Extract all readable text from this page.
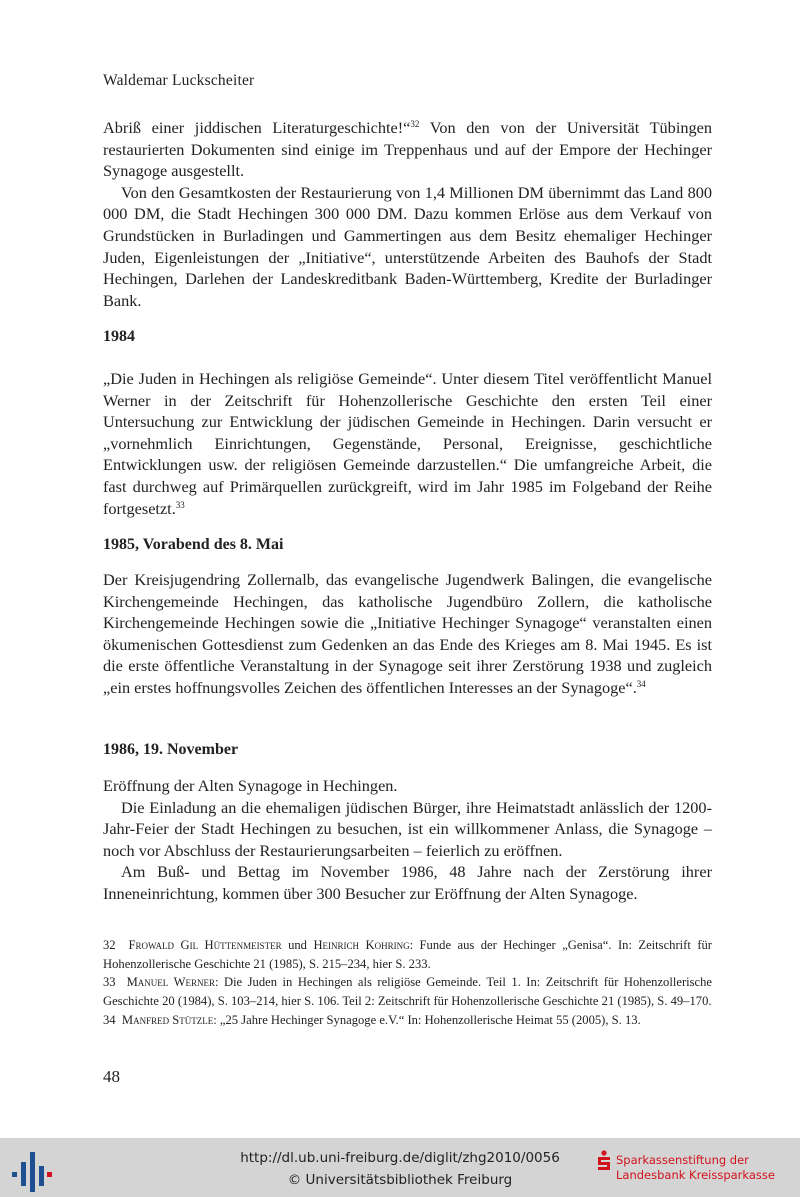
Waldemar Luckscheiter

Abriß einer jiddischen Literaturgeschichte!“$^{32}$ Von den von der Universität Tübingen restaurierten Dokumenten sind einige im Treppenhaus und auf der Empore der Hechinger Synagoge ausgestellt.

Von den Gesamtkosten der Restaurierung von 1,4 Millionen DM übernimmt das Land 800 000 DM, die Stadt Hechingen 300 000 DM. Dazu kommen Erlöse aus dem Verkauf von Grundstücken in Burladingen und Gammertingen aus dem Besitz ehemaliger Hechinger Juden, Eigenleistungen der „Initiative“, unterstützende Arbeiten des Bauhofs der Stadt Hechingen, Darlehen der Landeskreditbank Baden-Württemberg, Kredite der Burladinger Bank.

1984

„Die Juden in Hechingen als religiöse Gemeinde“. Unter diesem Titel veröffentlicht Manuel Werner in der Zeitschrift für Hohenzollerische Geschichte den ersten Teil einer Untersuchung zur Entwicklung der jüdischen Gemeinde in Hechingen. Darin versucht er „vornehmlich Einrichtungen, Gegenstände, Personal, Ereignisse, geschichtliche Entwicklungen usw. der religiösen Gemeinde darzustellen.“ Die umfangreiche Arbeit, die fast durchweg auf Primärquellen zurückgreift, wird im Jahr 1985 im Folgeband der Reihe fortgesetzt.$^{33}$

1985, Vorabend des 8. Mai

Der Kreisjugendring Zollernalb, das evangelische Jugendwerk Balingen, die evangelische Kirchengemeinde Hechingen, das katholische Jugendbüro Zollern, die katholische Kirchengemeinde Hechingen sowie die „Initiative Hechinger Synagoge“ veranstalten einen ökumenischen Gottesdienst zum Gedenken an das Ende des Krieges am 8. Mai 1945. Es ist die erste öffentliche Veranstaltung in der Synagoge seit ihrer Zerstörung 1938 und zugleich „ein erstes hoffnungsvolles Zeichen des öffentlichen Interesses an der Synagoge“.$^{34}$

1986, 19. November

Eröffnung der Alten Synagoge in Hechingen.

Die Einladung an die ehemaligen jüdischen Bürger, ihre Heimatstadt anlässlich der 1200-Jahr-Feier der Stadt Hechingen zu besuchen, ist ein willkommener Anlass, die Synagoge – noch vor Abschluss der Restaurierungsarbeiten – feierlich zu eröffnen.

Am Buß- und Bettag im November 1986, 48 Jahre nach der Zerstörung ihrer Inneneinrichtung, kommen über 300 Besucher zur Eröffnung der Alten Synagoge.

32 Frowald Gil Hüttenmeister und Heinrich Kohring: Funde aus der Hechinger „Genisa“. In: Zeitschrift für Hohenzollerische Geschichte 21 (1985), S. 215–234, hier S. 233.

33 Manuel Werner: Die Juden in Hechingen als religiöse Gemeinde. Teil 1. In: Zeitschrift für Hohenzollerische Geschichte 20 (1984), S. 103–214, hier S. 106. Teil 2: Zeitschrift für Hohenzollerische Geschichte 21 (1985), S. 49–170.

34 Manfred Stützle: „25 Jahre Hechinger Synagoge e.V.“ In: Hohenzollerische Heimat 55 (2005), S. 13.

48
http://dl.ub.uni-freiburg.de/diglit/zhg2010/0056
© Universitätsbibliothek Freiburg
Sparkassenstiftung der
Landesbank Kreissparkasse
